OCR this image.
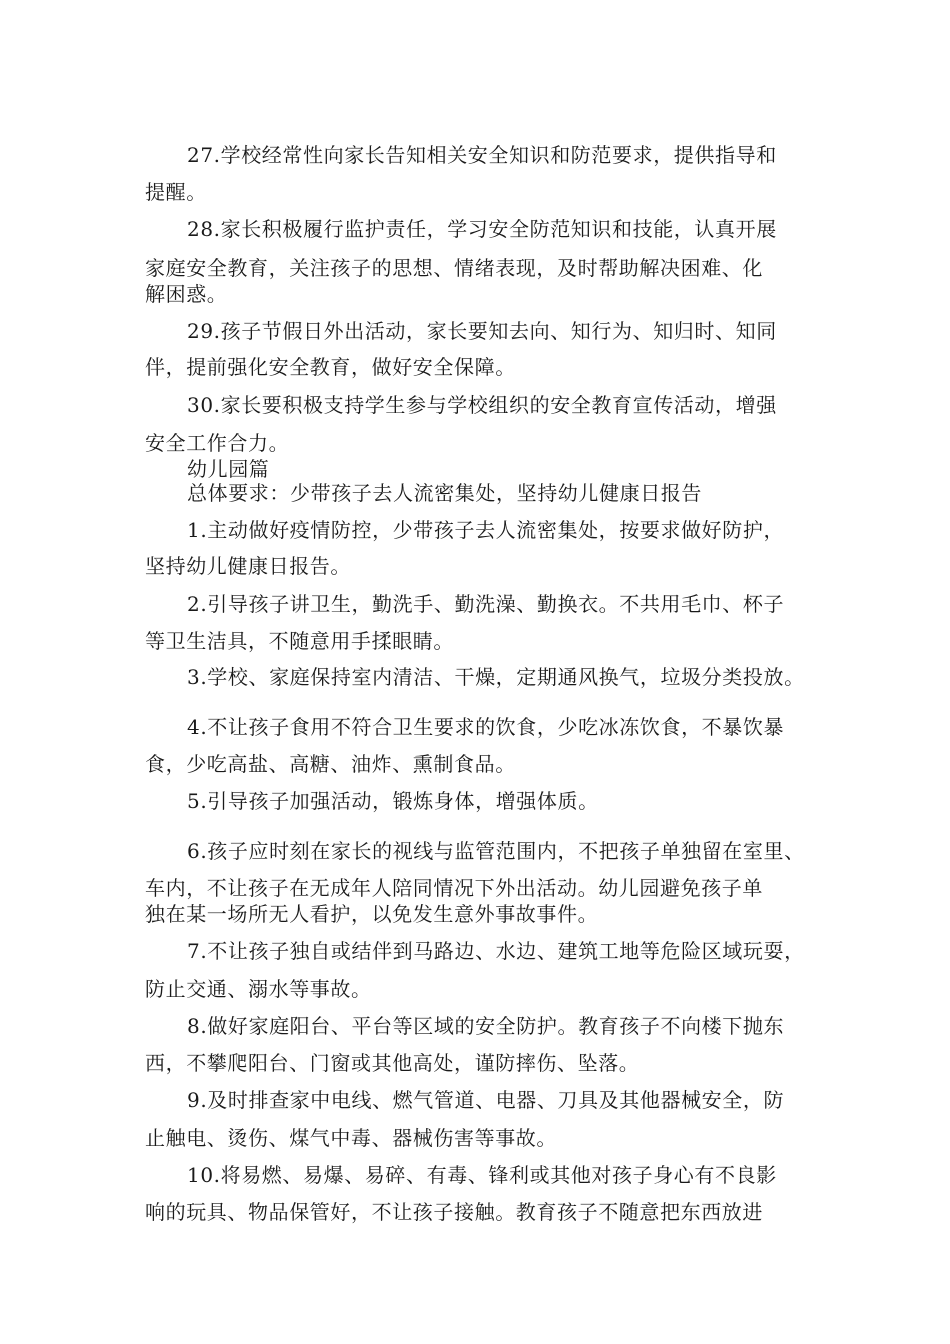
27.学校经常性向家长告知相关安全知识和防范要求，提供指导和
提醒。
28.家长积极履行监护责任，学习安全防范知识和技能，认真开展
家庭安全教育，关注孩子的思想、情绪表现，及时帮助解决困难、化
解困惑。
29.孩子节假日外出活动，家长要知去向、知行为、知归时、知同
伴，提前强化安全教育，做好安全保障。
30.家长要积极支持学生参与学校组织的安全教育宣传活动，增强
安全工作合力。
幼儿园篇
总体要求：少带孩子去人流密集处，坚持幼儿健康日报告
1.主动做好疫情防控，少带孩子去人流密集处，按要求做好防护，
坚持幼儿健康日报告。
2.引导孩子讲卫生，勤洗手、勤洗澡、勤换衣。不共用毛巾、杯子
等卫生洁具，不随意用手揉眼睛。
3.学校、家庭保持室内清洁、干燥，定期通风换气，垃圾分类投放。
4.不让孩子食用不符合卫生要求的饮食，少吃冰冻饮食，不暴饮暴
食，少吃高盐、高糖、油炸、熏制食品。
5.引导孩子加强活动，锻炼身体，增强体质。
6.孩子应时刻在家长的视线与监管范围内，不把孩子单独留在室里、
车内，不让孩子在无成年人陪同情况下外出活动。幼儿园避免孩子单
独在某一场所无人看护，以免发生意外事故事件。
7.不让孩子独自或结伴到马路边、水边、建筑工地等危险区域玩耍，
防止交通、溺水等事故。
8.做好家庭阳台、平台等区域的安全防护。教育孩子不向楼下抛东
西，不攀爬阳台、门窗或其他高处，谨防摔伤、坠落。
9.及时排查家中电线、燃气管道、电器、刀具及其他器械安全，防
止触电、烫伤、煤气中毒、器械伤害等事故。
10.将易燃、易爆、易碎、有毒、锋利或其他对孩子身心有不良影
响的玩具、物品保管好，不让孩子接触。教育孩子不随意把东西放进
